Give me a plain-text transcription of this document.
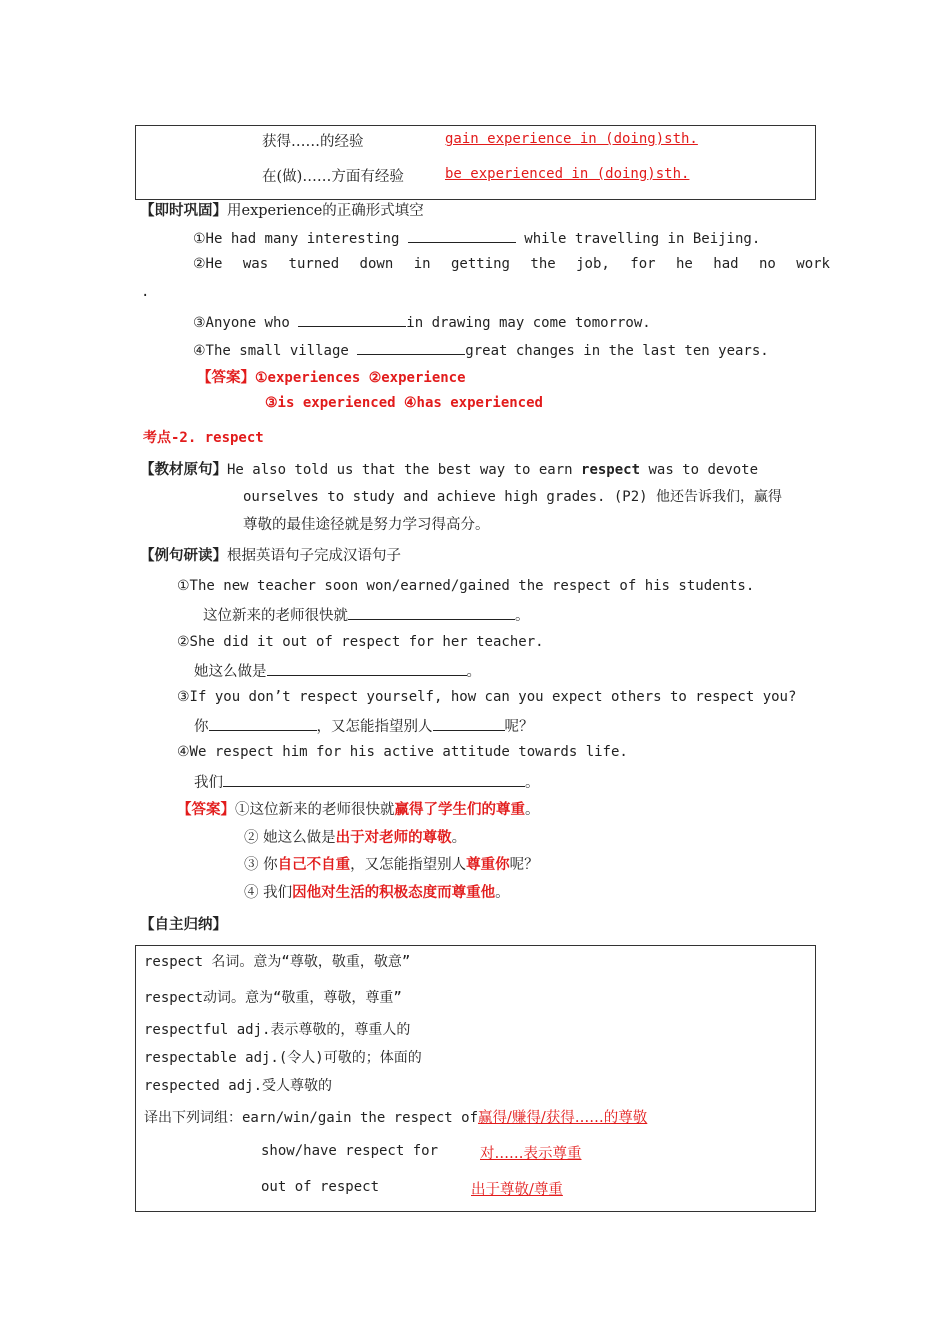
获得……的经验	gain experience in (doing)sth.
在(做)……方面有经验	be experienced in (doing)sth.
【即时巩固】用experience的正确形式填空
①He had many interesting	while travelling in Beijing.
②He was turned down in getting the job, for he had no work
.
③Anyone who	in drawing may come tomorrow.
④The small village	great changes in the last ten years.
【答案】①experiences ②experience
③is experienced ④has experienced
考点-2. respect
【教材原句】He also told us that the best way to earn respect was to devote
ourselves to study and achieve high grades. (P2) 他还告诉我们，赢得
尊敬的最佳途径就是努力学习得高分。
【例句研读】根据英语句子完成汉语句子
①The new teacher soon won/earned/gained the respect of his students.
这位新来的老师很快就	。
②She did it out of respect for her teacher.
她这么做是	。
③If you don’t respect yourself, how can you expect others to respect you?
你	，又怎能指望别人	呢？
④We respect him for his active attitude towards life.
我们	。
【答案】①这位新来的老师很快就赢得了学生们的尊重。
② 她这么做是出于对老师的尊敬。
③ 你自己不自重，又怎能指望别人尊重你呢？
④ 我们因他对生活的积极态度而尊重他。
【自主归纳】
respect 名词。意为“尊敬，敬重，敬意”
respect动词。意为“敬重，尊敬，尊重”
respectful adj.表示尊敬的，尊重人的
respectable adj.(令人)可敬的；体面的
respected adj.受人尊敬的
译出下列词组：earn/win/gain the respect of赢得/赚得/获得……的尊敬
show/have respect for	对……表示尊重
out of respect	出于尊敬/尊重
